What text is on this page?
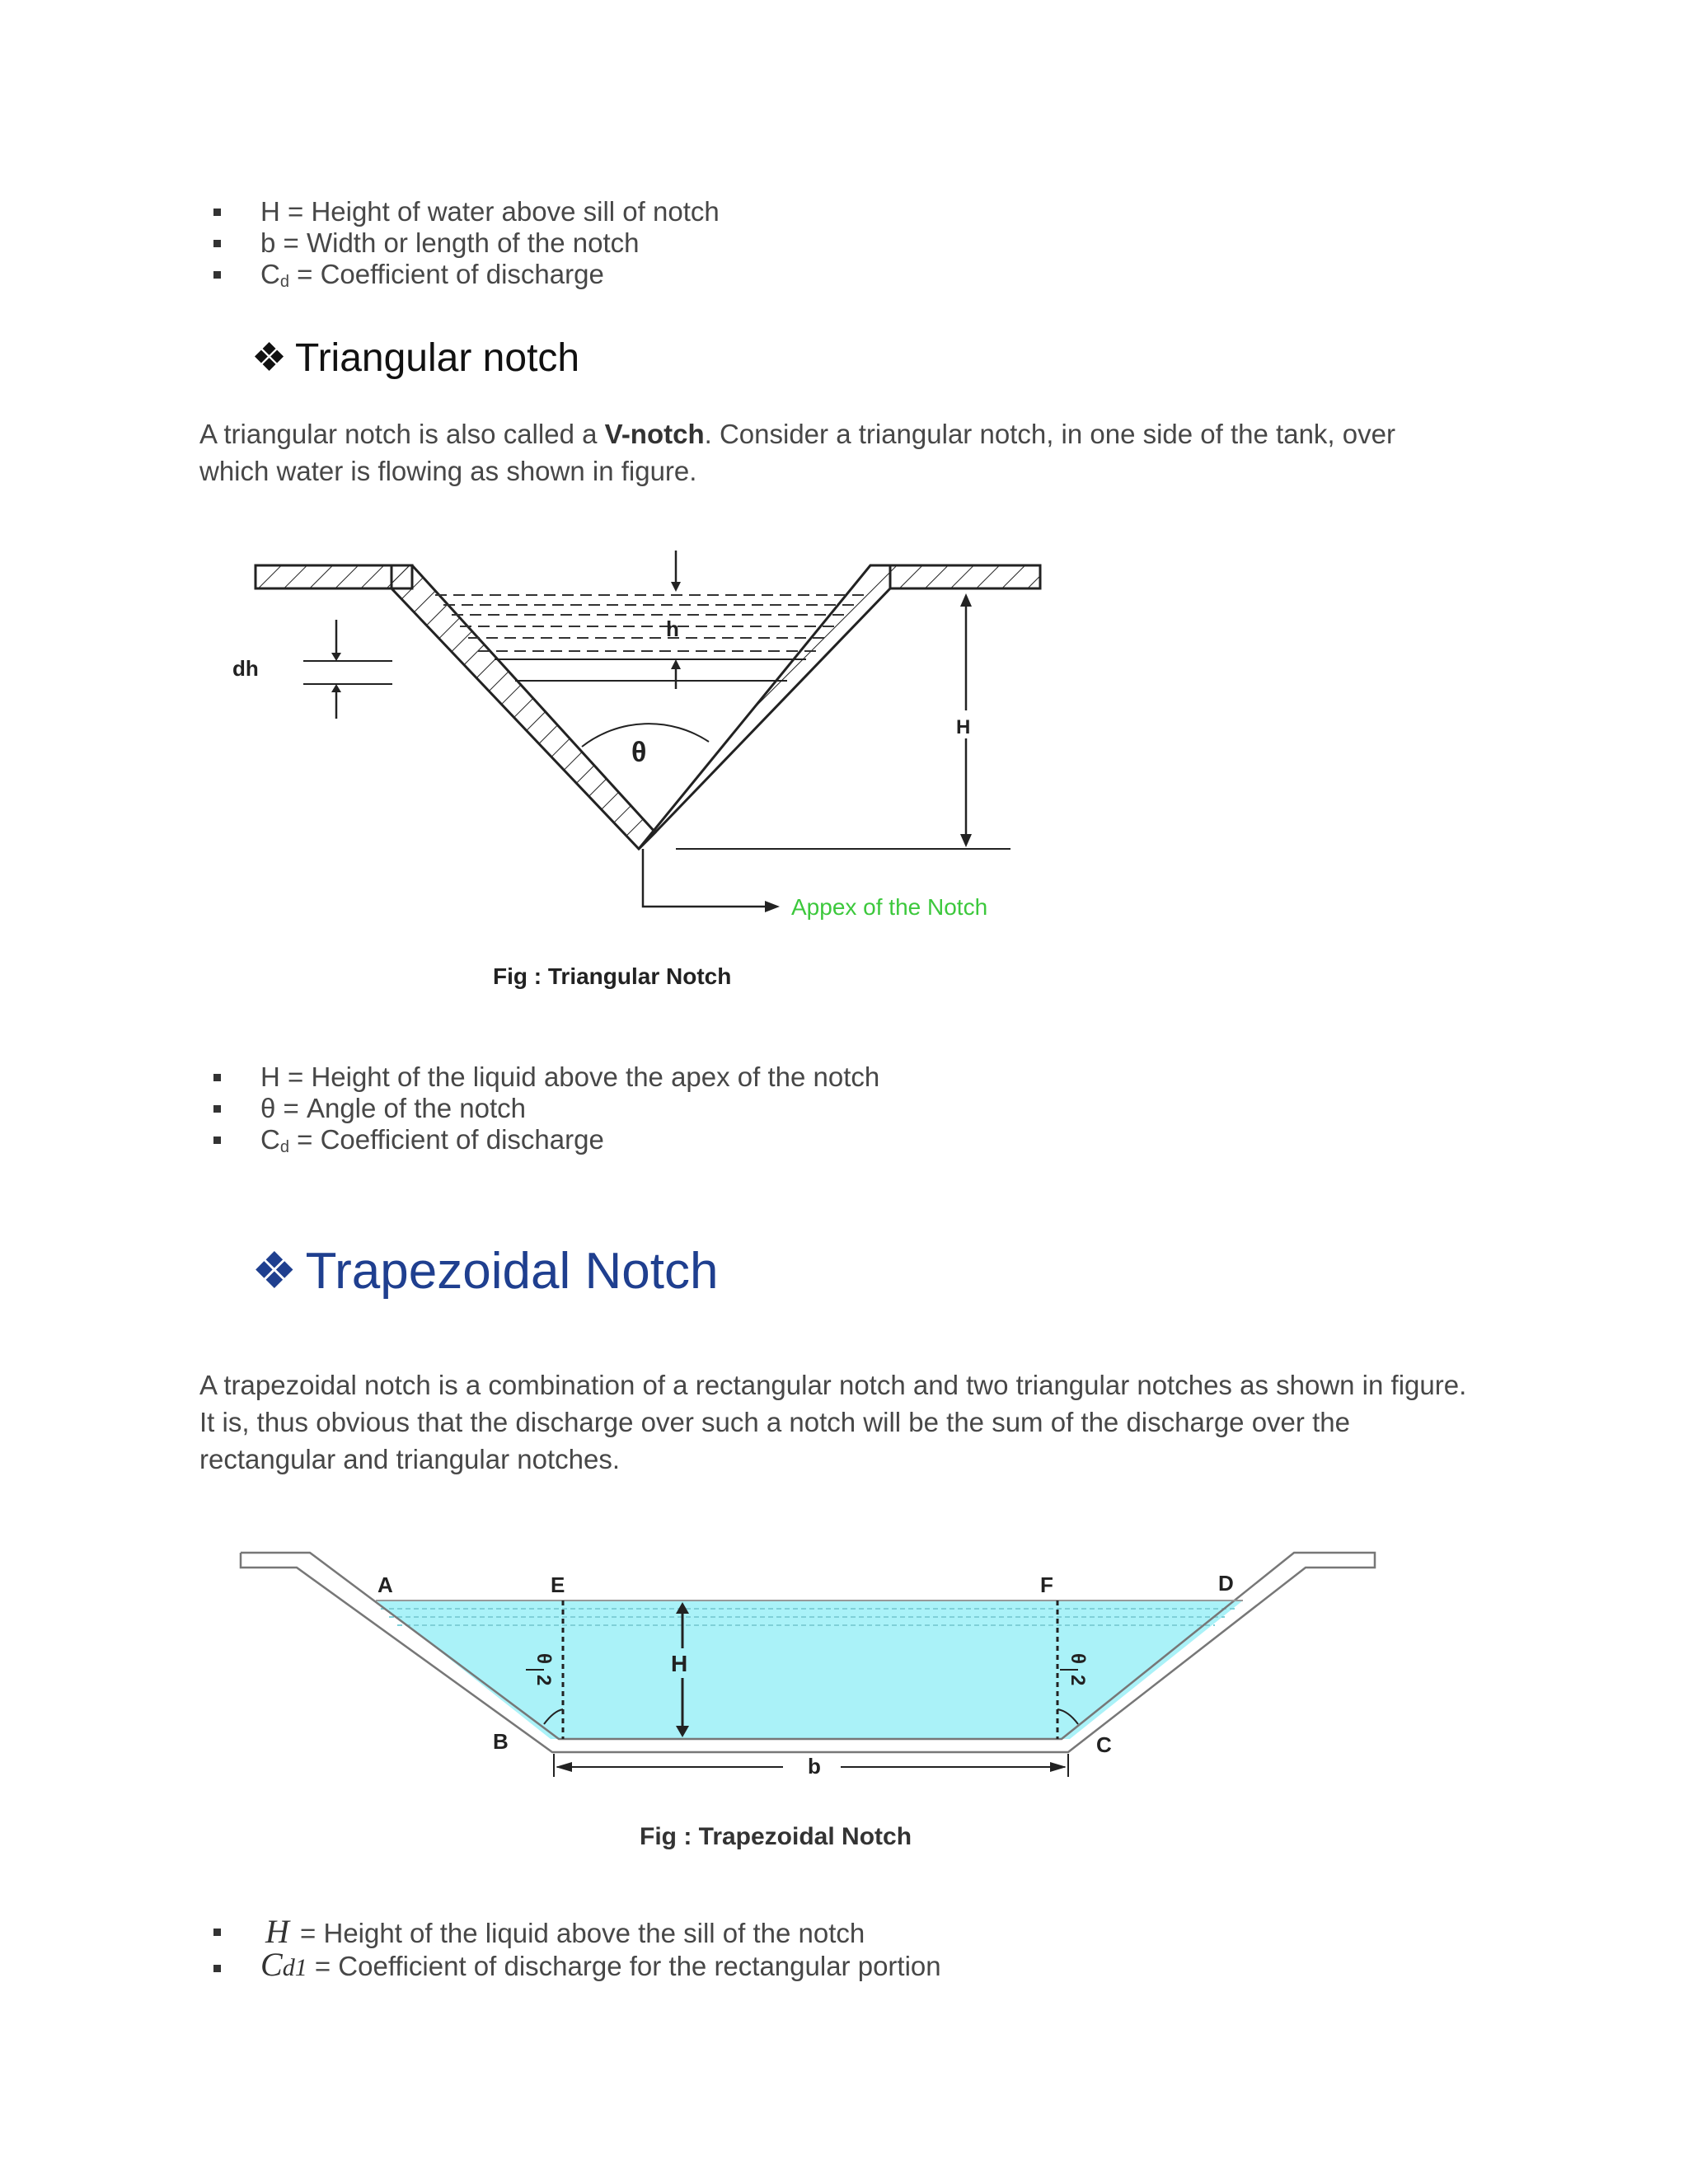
H = Height of water above sill of notch
b = Width or length of the notch
$C_d$ = Coefficient of discharge
❖ Triangular notch
A triangular notch is also called a V-notch. Consider a triangular notch, in one side of the tank, over which water is flowing as shown in figure.
h
dh
θ
H
Appex of the Notch
Fig : Triangular Notch
H = Height of the liquid above the apex of the notch
θ = Angle of the notch
$C_d$ = Coefficient of discharge
❖ Trapezoidal Notch
A trapezoidal notch is a combination of a rectangular notch and two triangular notches as shown in figure.
It is, thus obvious that the discharge over such a notch will be the sum of the discharge over the
rectangular and triangular notches.
A	E	F	D
B	C
θ
2
θ
2
H
b
Fig : Trapezoidal Notch
H = Height of the liquid above the sill of the notch
Cd1 = Coefficient of discharge for the rectangular portion
